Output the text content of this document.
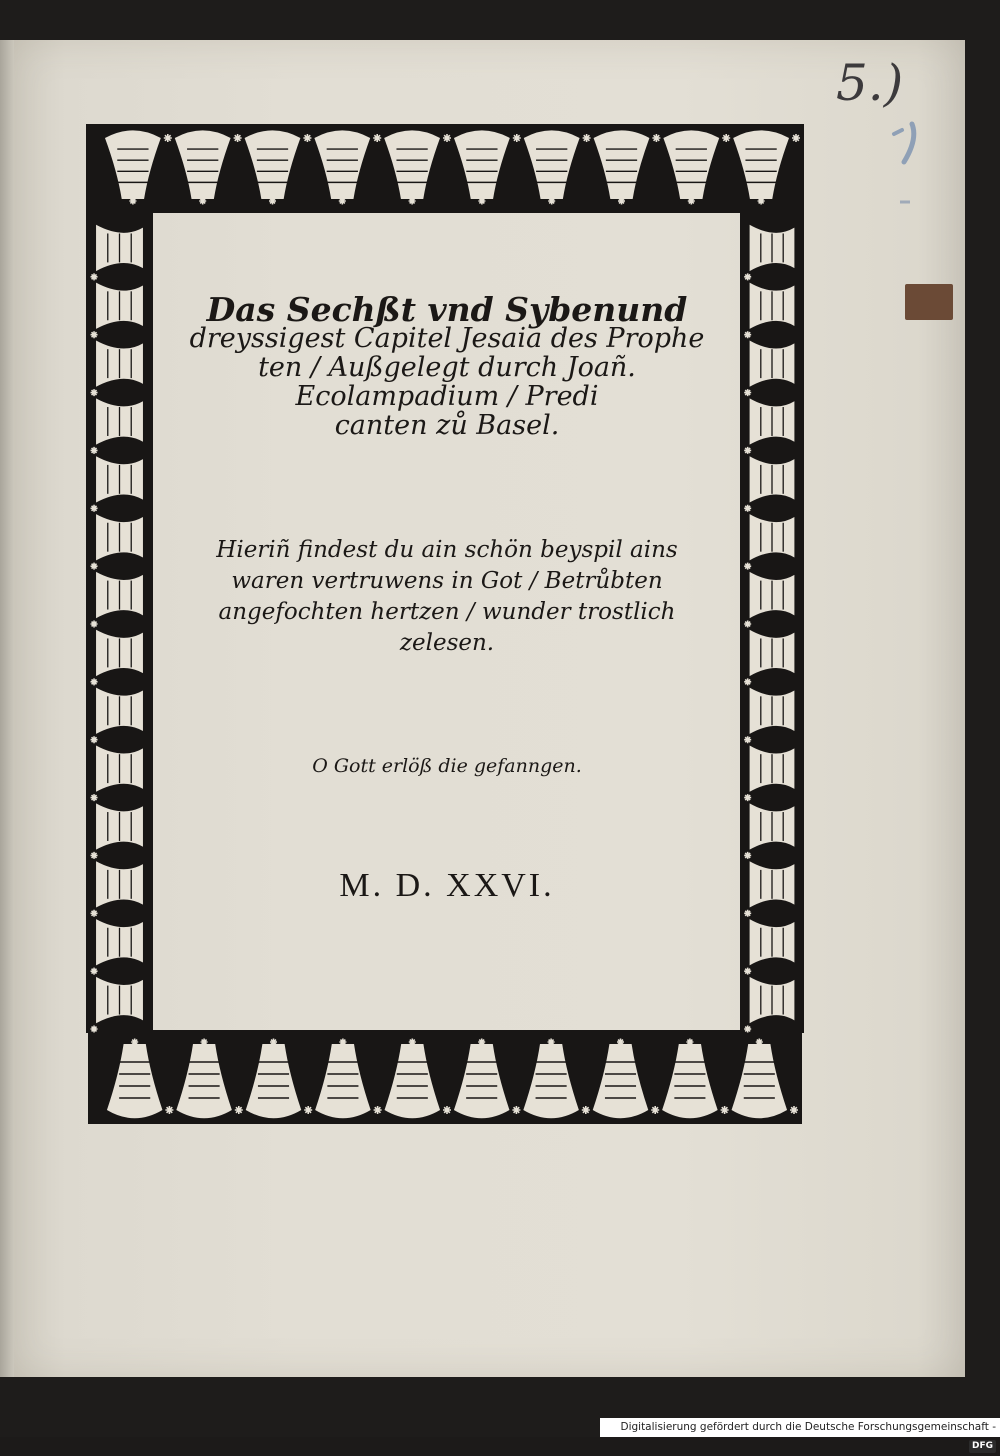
5.)
Das Sechßt vnd Sybenund
dreyssigest Capitel Jesaia des Prophe
ten / Außgelegt durch Joañ.
Ecolampadium / Predi
canten zů Basel.
Hieriñ findest du ain schön beyspil ains
waren vertruwens in Got / Betrůbten
angefochten hertzen / wunder trostlich
zelesen.
O Gott erlöß die gefanngen.
M. D. XXVI.
Digitalisierung gefördert durch die Deutsche Forschungsgemeinschaft -DFG
